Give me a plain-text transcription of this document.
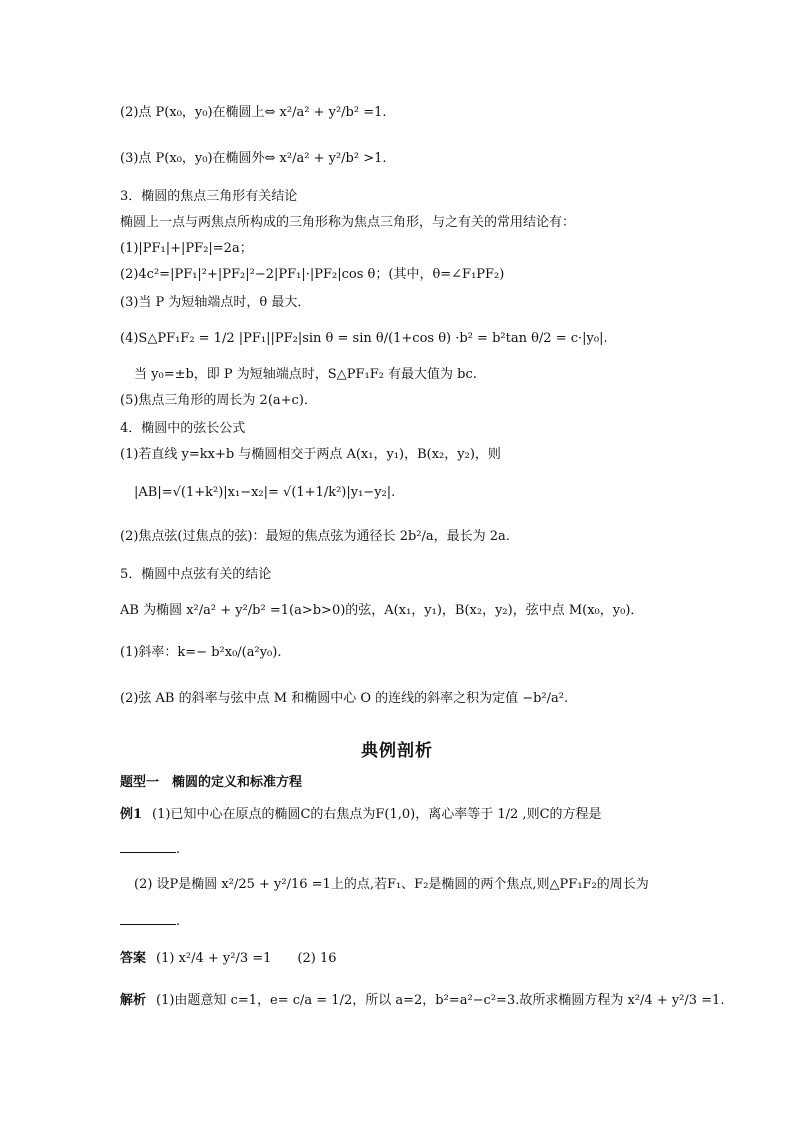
(2)点 P(x₀，y₀)在椭圆上⇔ x²/a² + y²/b² =1.
(3)点 P(x₀，y₀)在椭圆外⇔ x²/a² + y²/b² >1.
3．椭圆的焦点三角形有关结论
椭圆上一点与两焦点所构成的三角形称为焦点三角形，与之有关的常用结论有：
(1)|PF₁|+|PF₂|=2a；
(2)4c²=|PF₁|²+|PF₂|²−2|PF₁|·|PF₂|cos θ；(其中，θ=∠F₁PF₂)
(3)当 P 为短轴端点时，θ 最大．
(4)S△PF₁F₂ = 1/2 |PF₁||PF₂|sin θ = sin θ/(1+cos θ) ·b² = b²tan θ/2 = c·|y₀|.
当 y₀=±b，即 P 为短轴端点时，S△PF₁F₂ 有最大值为 bc.
(5)焦点三角形的周长为 2(a+c)．
4．椭圆中的弦长公式
(1)若直线 y=kx+b 与椭圆相交于两点 A(x₁，y₁)，B(x₂，y₂)，则
|AB|=√(1+k²)|x₁−x₂|= √(1+1/k²)|y₁−y₂|.
(2)焦点弦(过焦点的弦)：最短的焦点弦为通径长 2b²/a，最长为 2a.
5．椭圆中点弦有关的结论
AB 为椭圆 x²/a² + y²/b² =1(a>b>0)的弦，A(x₁，y₁)，B(x₂，y₂)，弦中点 M(x₀，y₀)．
(1)斜率：k=− b²x₀/(a²y₀).
(2)弦 AB 的斜率与弦中点 M 和椭圆中心 O 的连线的斜率之积为定值 −b²/a².
典例剖析
题型一　椭圆的定义和标准方程
例1 (1)已知中心在原点的椭圆C的右焦点为F(1,0)，离心率等于 1/2 ,则C的方程是
.
(2) 设P是椭圆 x²/25 + y²/16 =1上的点,若F₁、F₂是椭圆的两个焦点,则△PF₁F₂的周长为
.
答案 (1) x²/4 + y²/3 =1　　(2) 16
解析 (1)由题意知 c=1，e= c/a = 1/2，所以 a=2，b²=a²−c²=3.故所求椭圆方程为 x²/4 + y²/3 =1.
